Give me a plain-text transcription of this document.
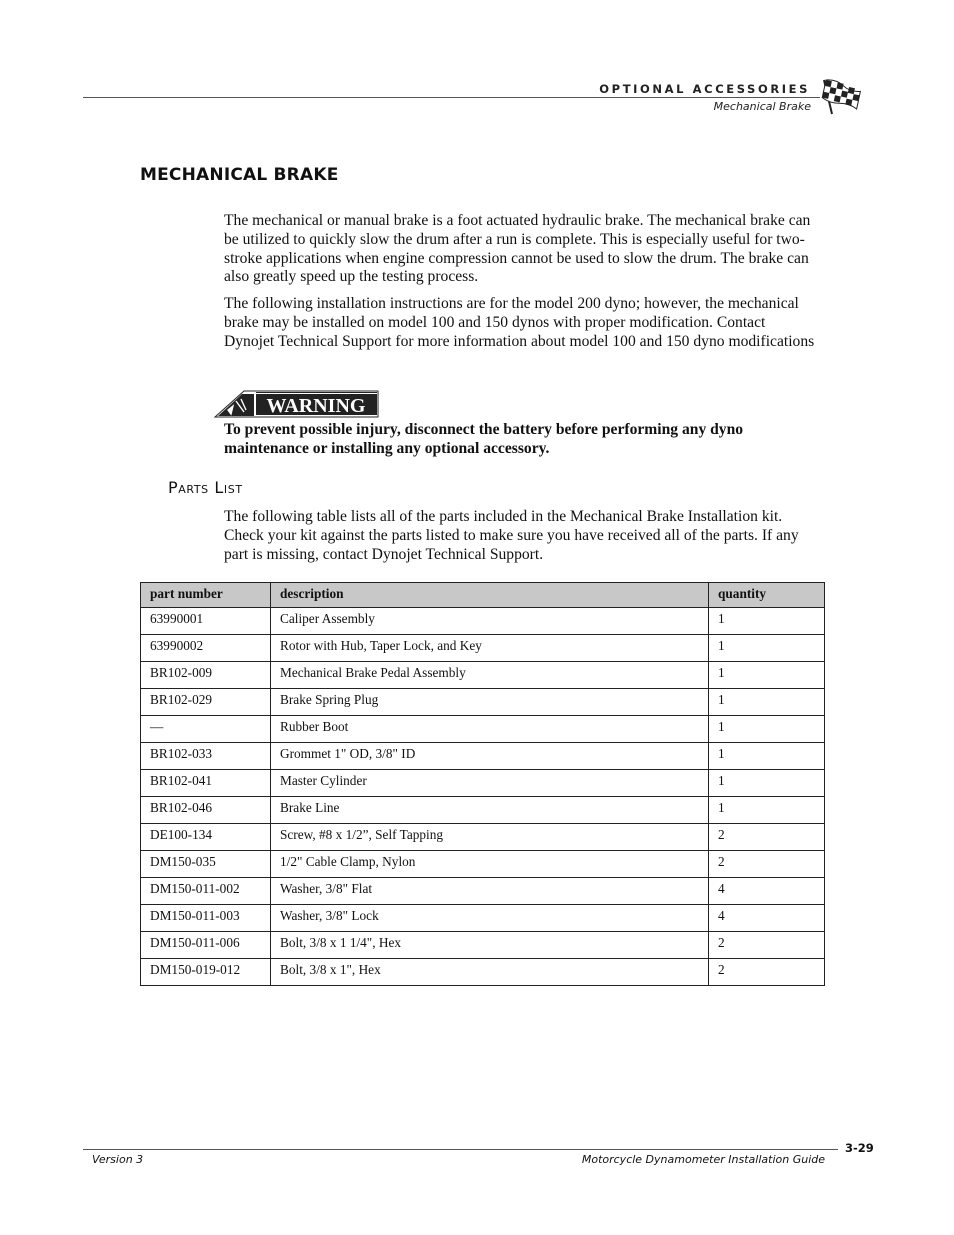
OPTIONAL ACCESSORIES
Mechanical Brake
MECHANICAL BRAKE
The mechanical or manual brake is a foot actuated hydraulic brake. The mechanical brake can be utilized to quickly slow the drum after a run is complete. This is especially useful for two-stroke applications when engine compression cannot be used to slow the drum. The brake can also greatly speed up the testing process.
The following installation instructions are for the model 200 dyno; however, the mechanical brake may be installed on model 100 and 150 dynos with proper modification. Contact Dynojet Technical Support for more information about model 100 and 150 dyno modifications
WARNING
To prevent possible injury, disconnect the battery before performing any dyno maintenance or installing any optional accessory.
Parts List
The following table lists all of the parts included in the Mechanical Brake Installation kit. Check your kit against the parts listed to make sure you have received all of the parts. If any part is missing, contact Dynojet Technical Support.
part number	description	quantity
63990001	Caliper Assembly	1
63990002	Rotor with Hub, Taper Lock, and Key	1
BR102-009	Mechanical Brake Pedal Assembly	1
BR102-029	Brake Spring Plug	1
—	Rubber Boot	1
BR102-033	Grommet 1" OD, 3/8" ID	1
BR102-041	Master Cylinder	1
BR102-046	Brake Line	1
DE100-134	Screw, #8 x 1/2”, Self Tapping	2
DM150-035	1/2" Cable Clamp, Nylon	2
DM150-011-002	Washer, 3/8" Flat	4
DM150-011-003	Washer, 3/8" Lock	4
DM150-011-006	Bolt, 3/8 x 1 1/4", Hex	2
DM150-019-012	Bolt, 3/8 x 1", Hex	2
3-29
Version 3	Motorcycle Dynamometer Installation Guide
